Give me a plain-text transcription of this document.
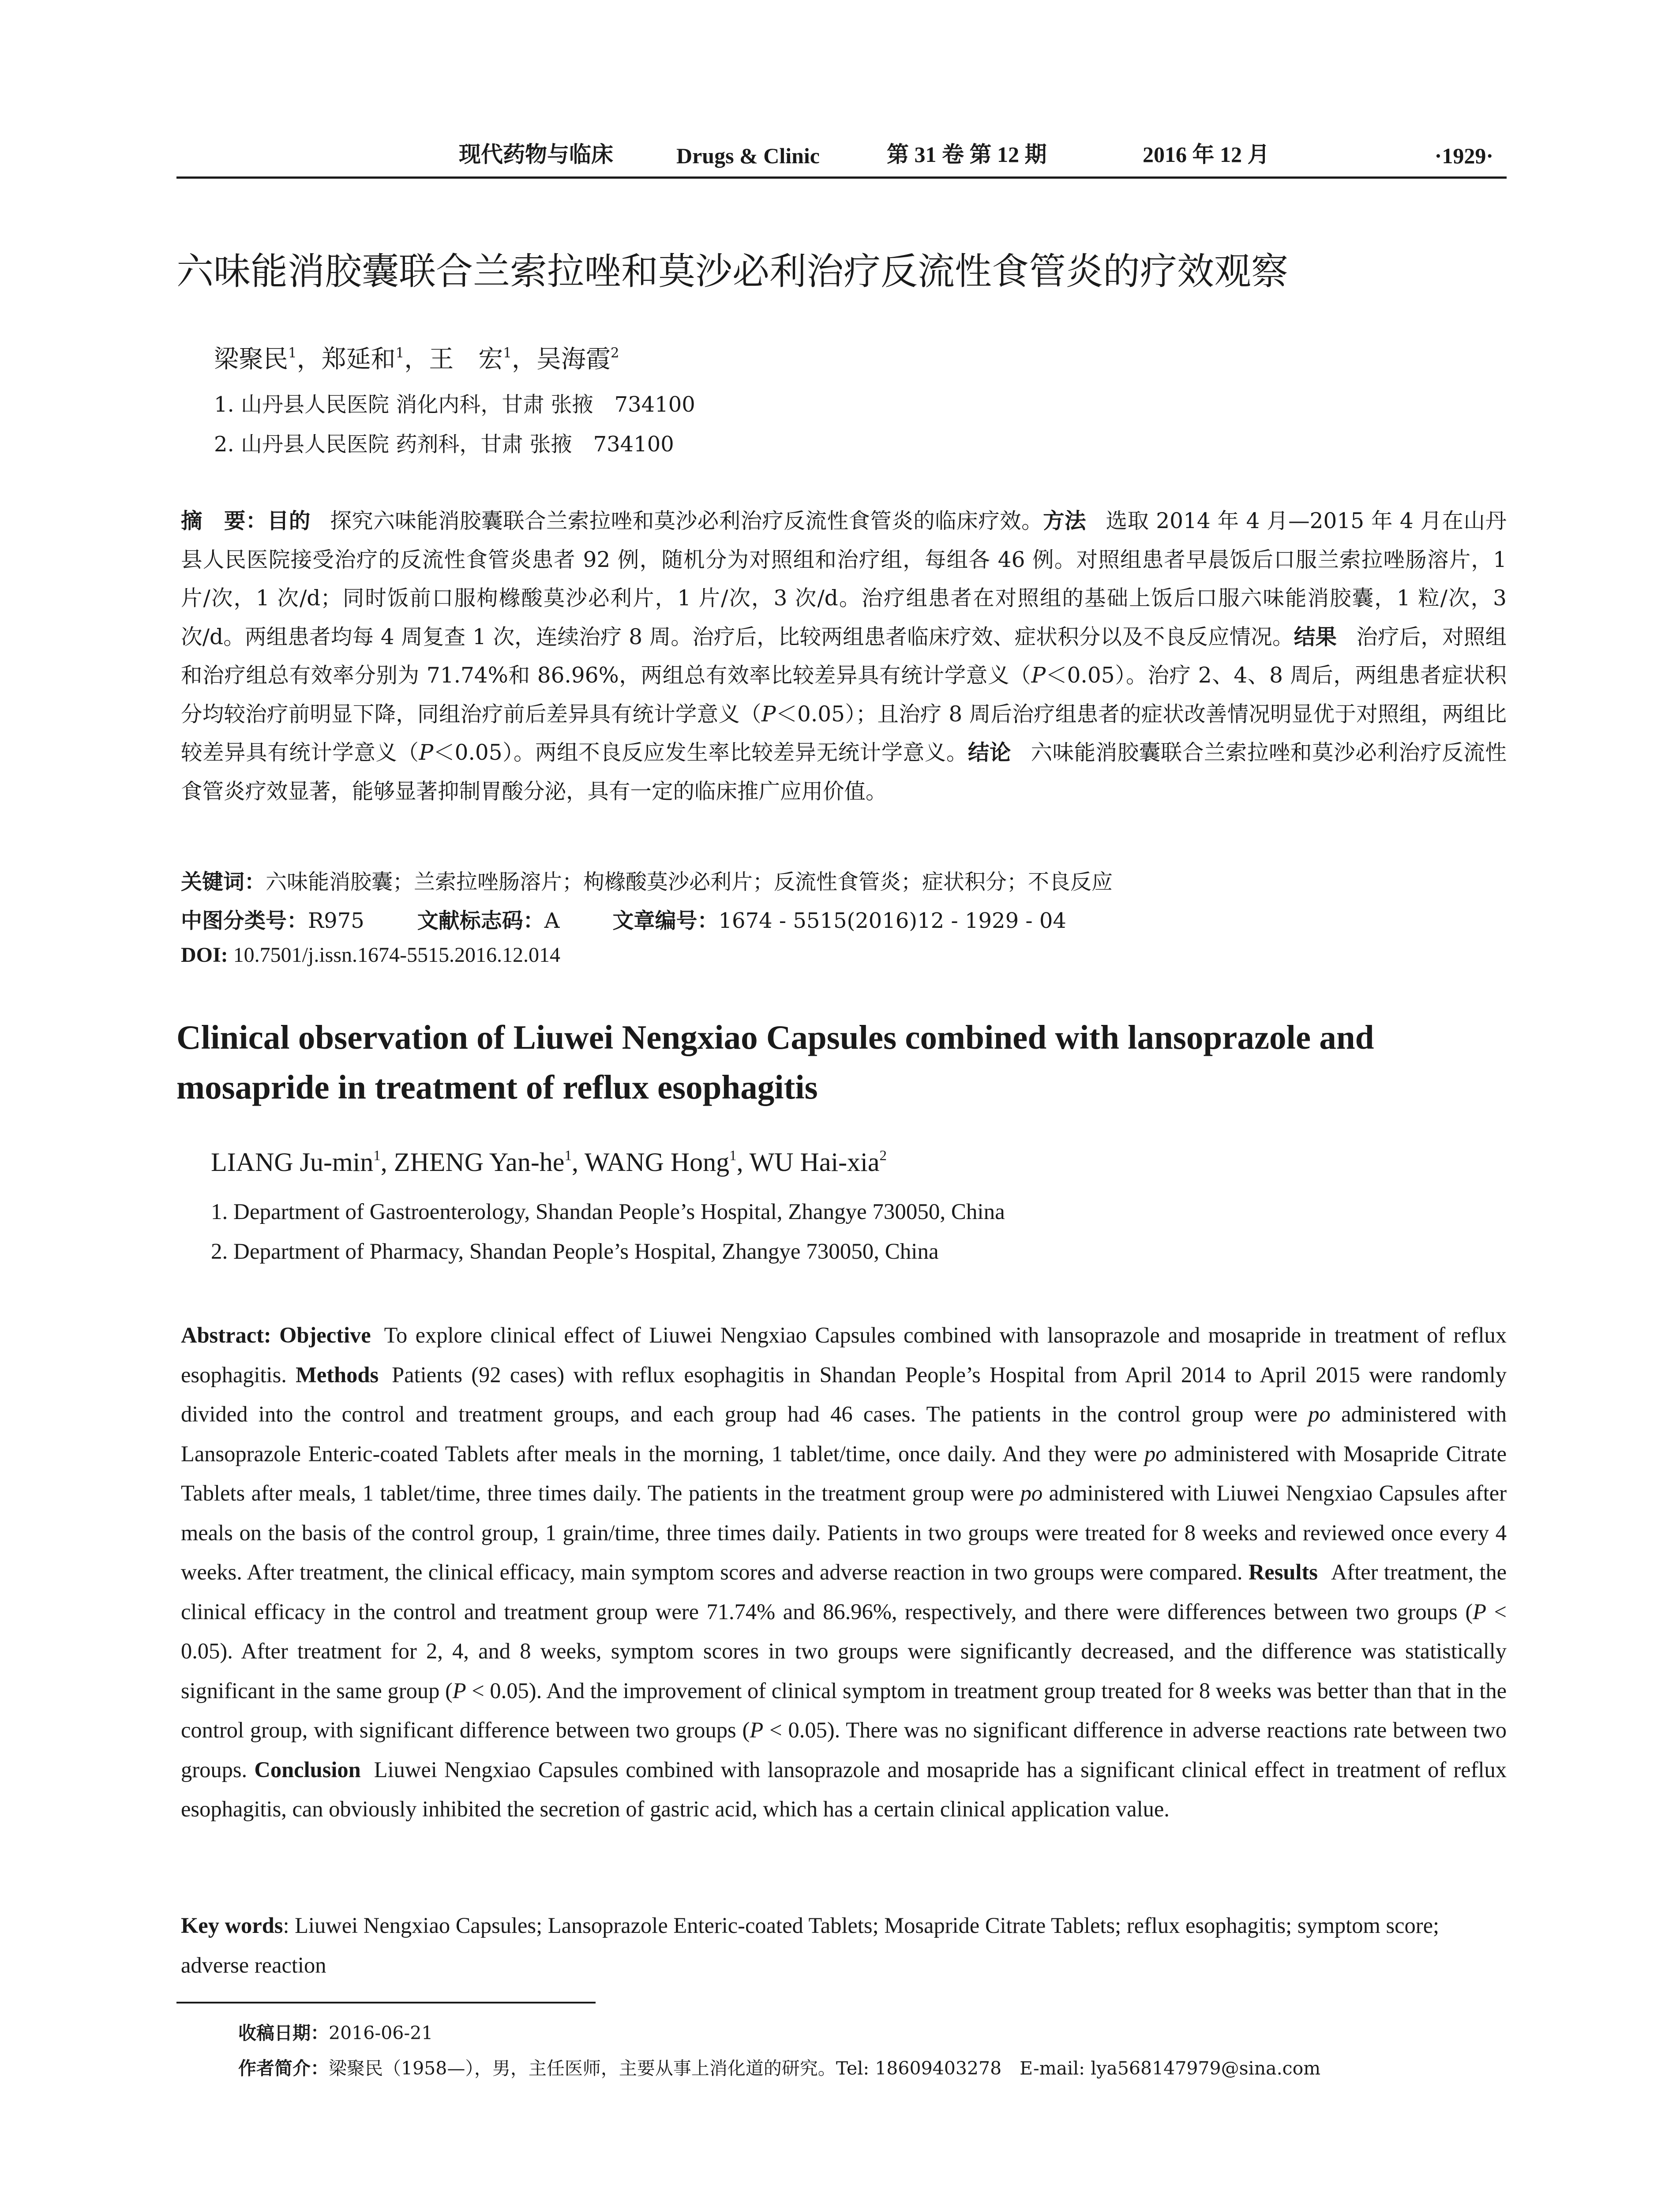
现代药物与临床	Drugs & Clinic	第 31 卷 第 12 期	2016 年 12 月	·1929·
六味能消胶囊联合兰索拉唑和莫沙必利治疗反流性食管炎的疗效观察
梁聚民$^1$，郑延和$^1$，王　宏$^1$，吴海霞$^2$
1. 山丹县人民医院 消化内科，甘肃 张掖　734100
2. 山丹县人民医院 药剂科，甘肃 张掖　734100

摘　要：目的 探究六味能消胶囊联合兰索拉唑和莫沙必利治疗反流性食管炎的临床疗效。方法 选取 2014 年 4 月—2015 年 4 月在山丹县人民医院接受治疗的反流性食管炎患者 92 例，随机分为对照组和治疗组，每组各 46 例。对照组患者早晨饭后口服兰索拉唑肠溶片，1 片/次，1 次/d；同时饭前口服枸橼酸莫沙必利片，1 片/次，3 次/d。治疗组患者在对照组的基础上饭后口服六味能消胶囊，1 粒/次，3 次/d。两组患者均每 4 周复查 1 次，连续治疗 8 周。治疗后，比较两组患者临床疗效、症状积分以及不良反应情况。结果 治疗后，对照组和治疗组总有效率分别为 71.74%和 86.96%，两组总有效率比较差异具有统计学意义（P＜0.05）。治疗 2、4、8 周后，两组患者症状积分均较治疗前明显下降，同组治疗前后差异具有统计学意义（P＜0.05）；且治疗 8 周后治疗组患者的症状改善情况明显优于对照组，两组比较差异具有统计学意义（P＜0.05）。两组不良反应发生率比较差异无统计学意义。结论 六味能消胶囊联合兰索拉唑和莫沙必利治疗反流性食管炎疗效显著，能够显著抑制胃酸分泌，具有一定的临床推广应用价值。

关键词：六味能消胶囊；兰索拉唑肠溶片；枸橼酸莫沙必利片；反流性食管炎；症状积分；不良反应
中图分类号：R975	文献标志码：A	文章编号：1674 - 5515(2016)12 - 1929 - 04
DOI: 10.7501/j.issn.1674-5515.2016.12.014
Clinical observation of Liuwei Nengxiao Capsules combined with lansoprazole and mosapride in treatment of reflux esophagitis
LIANG $Ju-\min^1$, ZHENG Yan-$he^1$, WANG Hong$^1$, WU Hai-xia$^2$
1. Department of Gastroenterology, Shandan People’s Hospital, Zhangye 730050, China
2. Department of Pharmacy, Shandan People’s Hospital, Zhangye 730050, China

Abstract: Objective To explore clinical effect of Liuwei Nengxiao Capsules combined with lansoprazole and mosapride in treatment of reflux esophagitis. Methods Patients (92 cases) with reflux esophagitis in Shandan People’s Hospital from April 2014 to April 2015 were randomly divided into the control and treatment groups, and each group had 46 cases. The patients in the control group were po administered with Lansoprazole Enteric-coated Tablets after meals in the morning, 1 tablet/time, once daily. And they were po administered with Mosapride Citrate Tablets after meals, 1 tablet/time, three times daily. The patients in the treatment group were po administered with Liuwei Nengxiao Capsules after meals on the basis of the control group, 1 grain/time, three times daily. Patients in two groups were treated for 8 weeks and reviewed once every 4 weeks. After treatment, the clinical efficacy, main symptom scores and adverse reaction in two groups were compared. Results After treatment, the clinical efficacy in the control and treatment group were 71.74% and 86.96%, respectively, and there were differences between two groups (P < 0.05). After treatment for 2, 4, and 8 weeks, symptom scores in two groups were significantly decreased, and the difference was statistically significant in the same group (P < 0.05). And the improvement of clinical symptom in treatment group treated for 8 weeks was better than that in the control group, with significant difference between two groups (P < 0.05). There was no significant difference in adverse reactions rate between two groups. Conclusion Liuwei Nengxiao Capsules combined with lansoprazole and mosapride has a significant clinical effect in treatment of reflux esophagitis, can obviously inhibited the secretion of gastric acid, which has a certain clinical application value.

Key words: Liuwei Nengxiao Capsules; Lansoprazole Enteric-coated Tablets; Mosapride Citrate Tablets; reflux esophagitis; symptom score; adverse reaction
收稿日期：2016-06-21
作者简介：梁聚民（1958—），男，主任医师，主要从事上消化道的研究。Tel: 18609403278　E-mail: lya568147979@sina.com
